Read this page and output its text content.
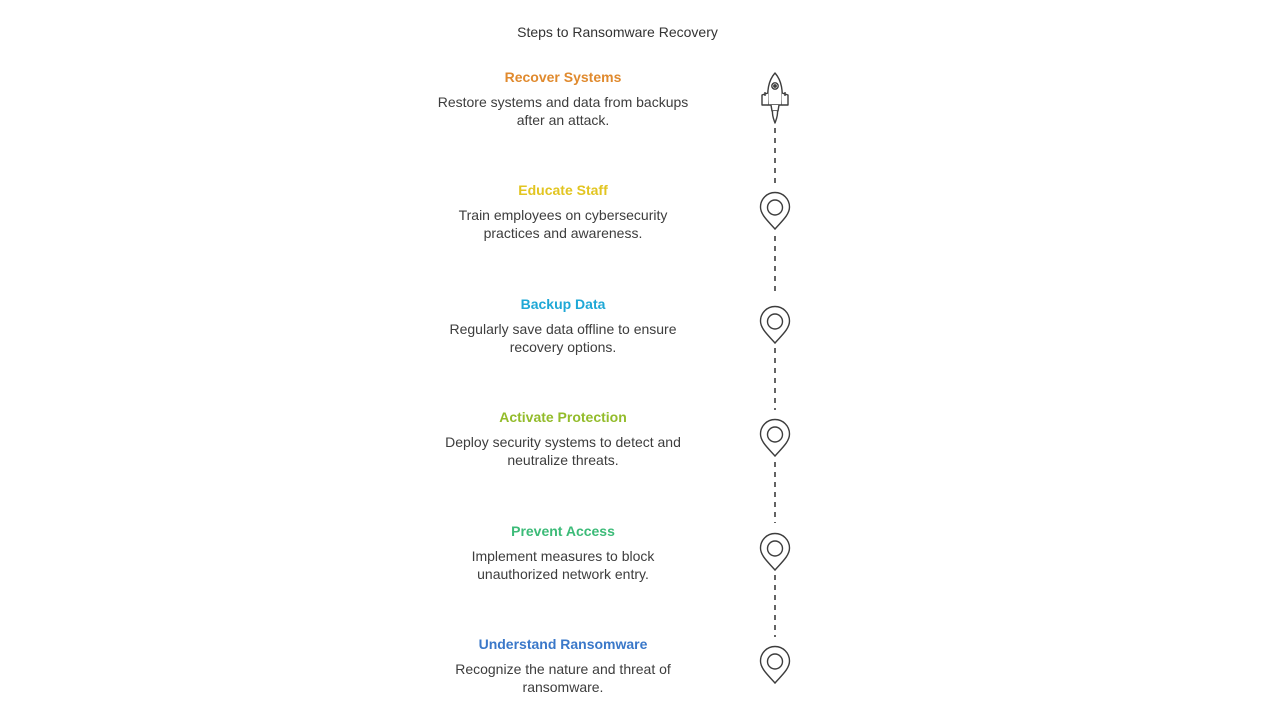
Steps to Ransomware Recovery
Recover Systems
Restore systems and data from backups after an attack.
Educate Staff
Train employees on cybersecurity practices and awareness.
Backup Data
Regularly save data offline to ensure recovery options.
Activate Protection
Deploy security systems to detect and neutralize threats.
Prevent Access
Implement measures to block unauthorized network entry.
Understand Ransomware
Recognize the nature and threat of ransomware.
